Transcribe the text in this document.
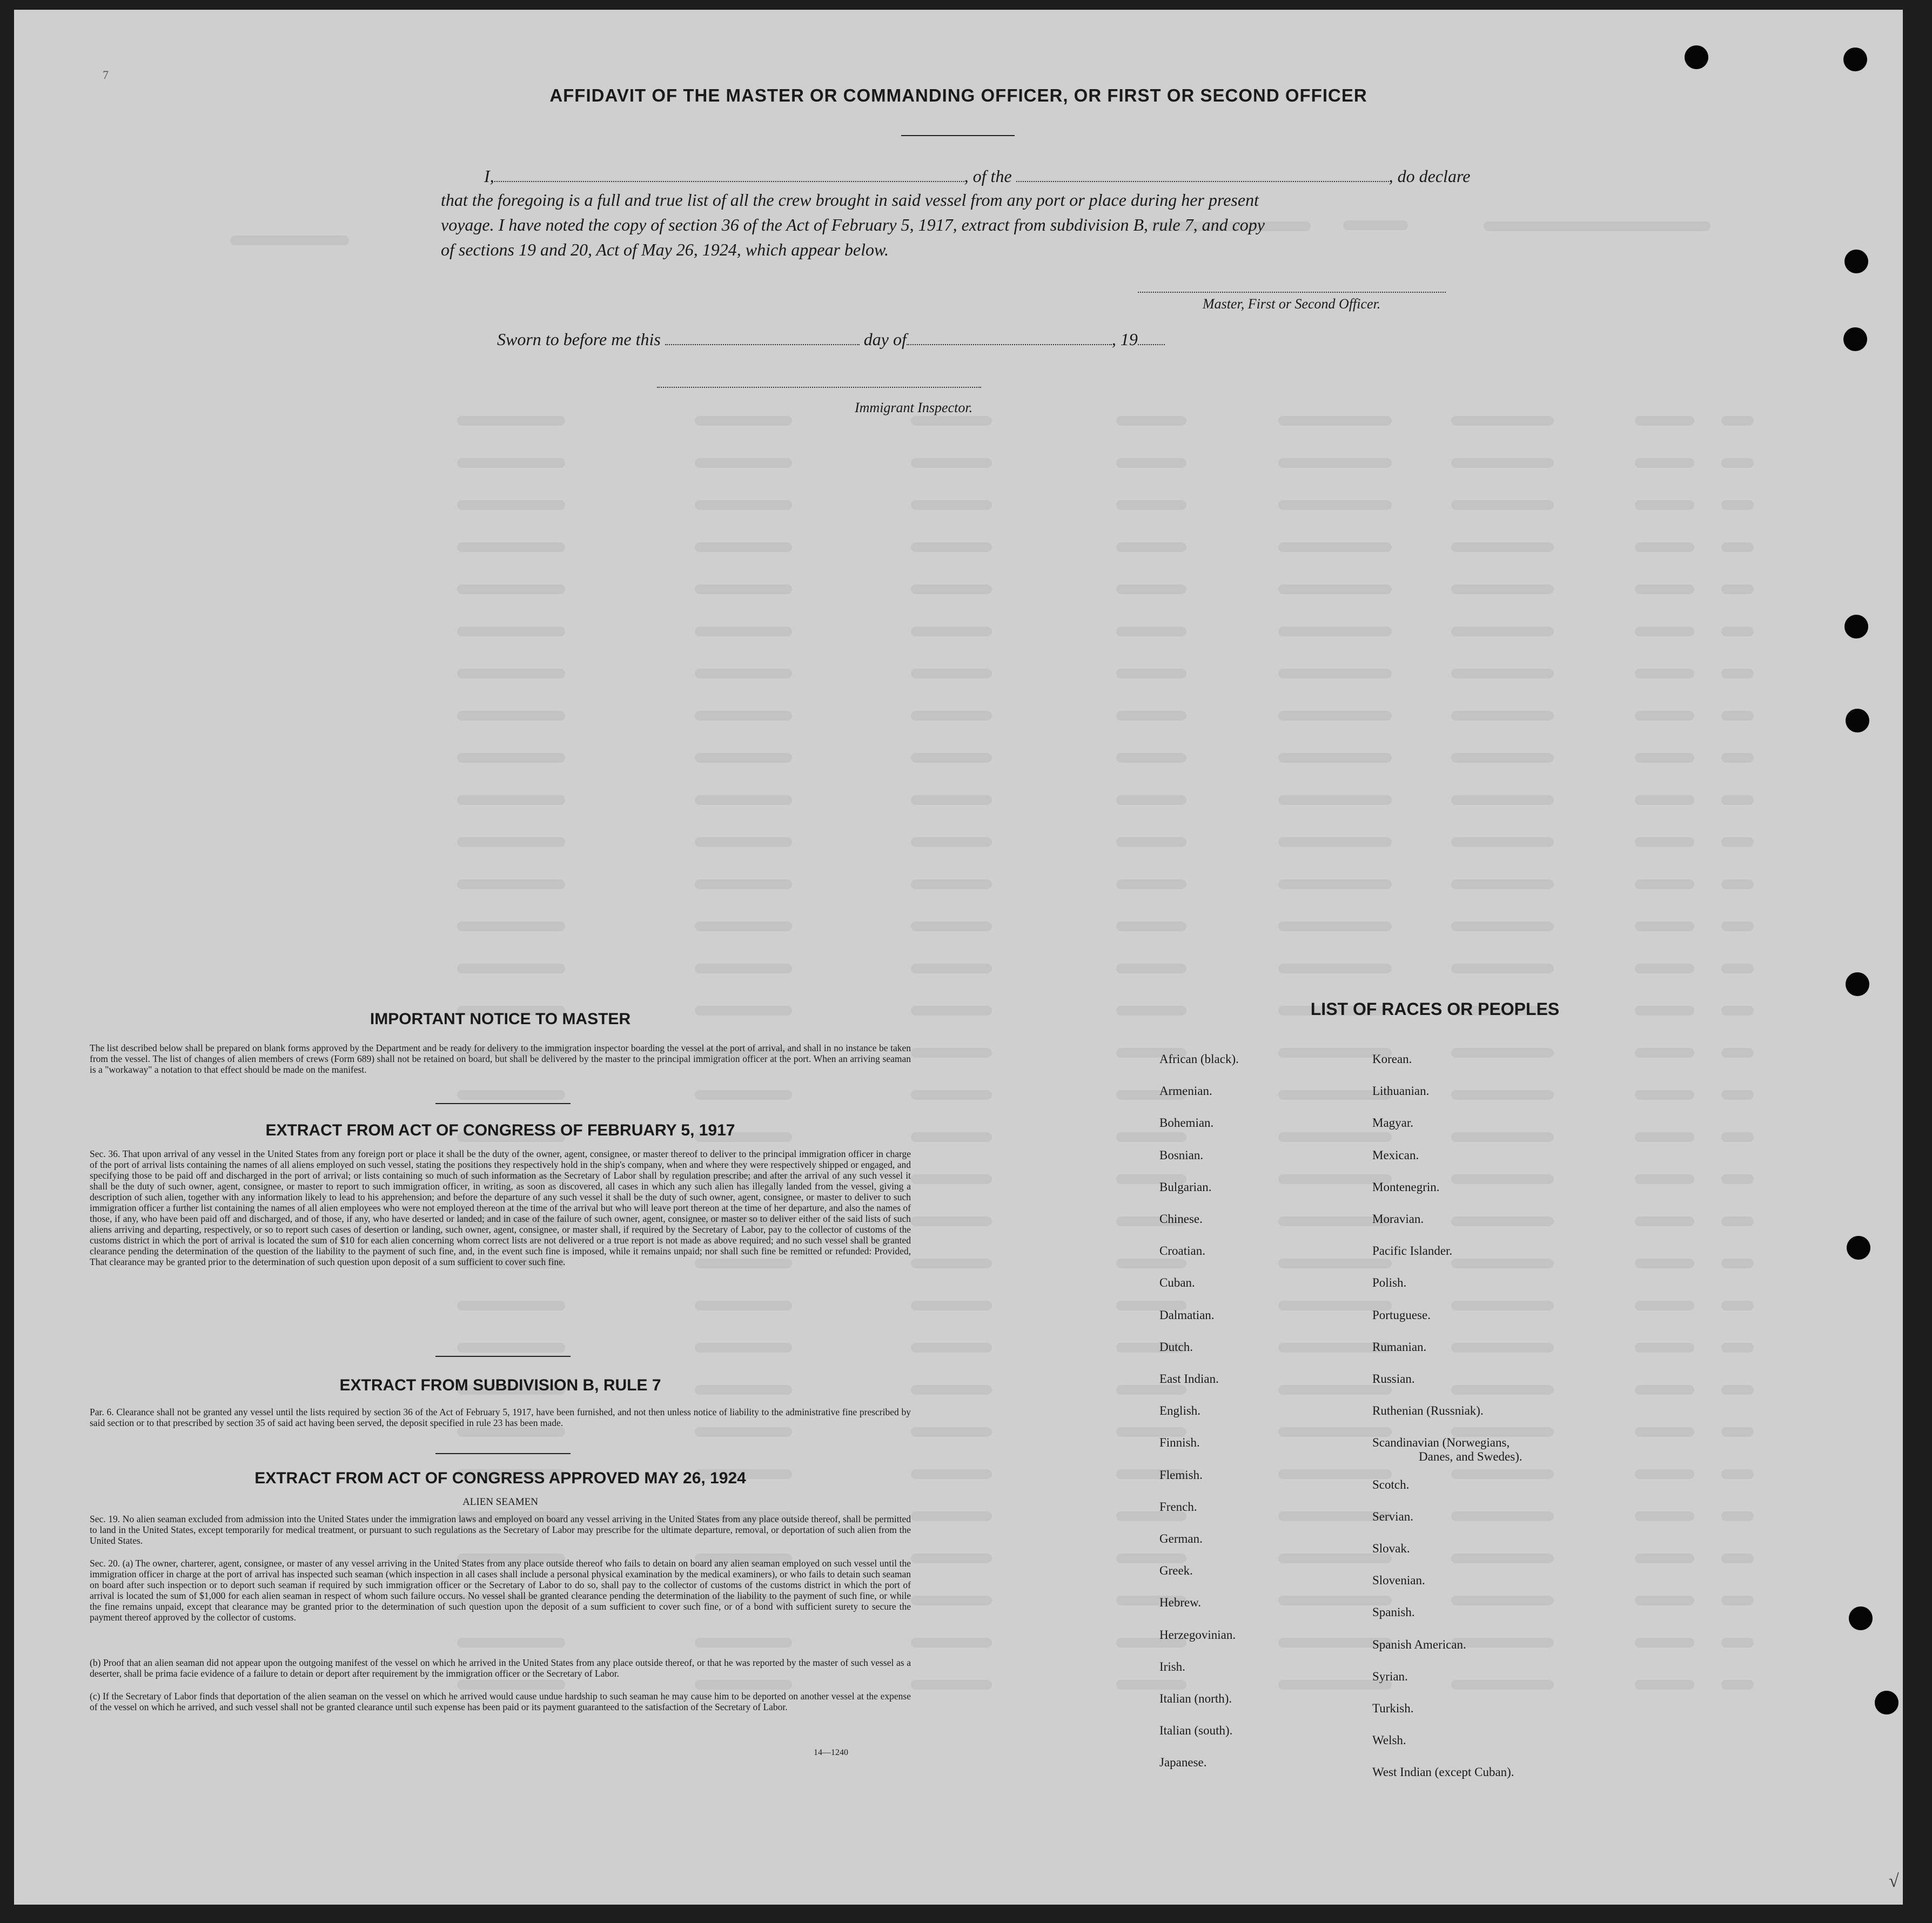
7
AFFIDAVIT OF THE MASTER OR COMMANDING OFFICER, OR FIRST OR SECOND OFFICER
I,	, of the	, do declare
that the foregoing is a full and true list of all the crew brought in said vessel from any port or place during her present
voyage. I have noted the copy of section 36 of the Act of February 5, 1917, extract from subdivision B, rule 7, and copy
of sections 19 and 20, Act of May 26, 1924, which appear below.
Master, First or Second Officer.
Sworn to before me this	day of	, 19
Immigrant Inspector.
IMPORTANT NOTICE TO MASTER
The list described below shall be prepared on blank forms approved by the Department and be ready for delivery to the immigration inspector boarding the vessel at the port of arrival, and shall in no instance be taken from the vessel. The list of changes of alien members of crews (Form 689) shall not be retained on board, but shall be delivered by the master to the principal immigration officer at the port. When an arriving seaman is a "workaway" a notation to that effect should be made on the manifest.
EXTRACT FROM ACT OF CONGRESS OF FEBRUARY 5, 1917
Sec. 36. That upon arrival of any vessel in the United States from any foreign port or place it shall be the duty of the owner, agent, consignee, or master thereof to deliver to the principal immigration officer in charge of the port of arrival lists containing the names of all aliens employed on such vessel, stating the positions they respectively hold in the ship's company, when and where they were respectively shipped or engaged, and specifying those to be paid off and discharged in the port of arrival; or lists containing so much of such information as the Secretary of Labor shall by regulation prescribe; and after the arrival of any such vessel it shall be the duty of such owner, agent, consignee, or master to report to such immigration officer, in writing, as soon as discovered, all cases in which any such alien has illegally landed from the vessel, giving a description of such alien, together with any information likely to lead to his apprehension; and before the departure of any such vessel it shall be the duty of such owner, agent, consignee, or master to deliver to such immigration officer a further list containing the names of all alien employees who were not employed thereon at the time of the arrival but who will leave port thereon at the time of her departure, and also the names of those, if any, who have been paid off and discharged, and of those, if any, who have deserted or landed; and in case of the failure of such owner, agent, consignee, or master so to deliver either of the said lists of such aliens arriving and departing, respectively, or so to report such cases of desertion or landing, such owner, agent, consignee, or master shall, if required by the Secretary of Labor, pay to the collector of customs of the customs district in which the port of arrival is located the sum of $10 for each alien concerning whom correct lists are not delivered or a true report is not made as above required; and no such vessel shall be granted clearance pending the determination of the question of the liability to the payment of such fine, and, in the event such fine is imposed, while it remains unpaid; nor shall such fine be remitted or refunded: Provided, That clearance may be granted prior to the determination of such question upon deposit of a sum sufficient to cover such fine.
EXTRACT FROM SUBDIVISION B, RULE 7
Par. 6. Clearance shall not be granted any vessel until the lists required by section 36 of the Act of February 5, 1917, have been furnished, and not then unless notice of liability to the administrative fine prescribed by said section or to that prescribed by section 35 of said act having been served, the deposit specified in rule 23 has been made.
EXTRACT FROM ACT OF CONGRESS APPROVED MAY 26, 1924
ALIEN SEAMEN
Sec. 19. No alien seaman excluded from admission into the United States under the immigration laws and employed on board any vessel arriving in the United States from any place outside thereof, shall be permitted to land in the United States, except temporarily for medical treatment, or pursuant to such regulations as the Secretary of Labor may prescribe for the ultimate departure, removal, or deportation of such alien from the United States.
Sec. 20. (a) The owner, charterer, agent, consignee, or master of any vessel arriving in the United States from any place outside thereof who fails to detain on board any alien seaman employed on such vessel until the immigration officer in charge at the port of arrival has inspected such seaman (which inspection in all cases shall include a personal physical examination by the medical examiners), or who fails to detain such seaman on board after such inspection or to deport such seaman if required by such immigration officer or the Secretary of Labor to do so, shall pay to the collector of customs of the customs district in which the port of arrival is located the sum of $1,000 for each alien seaman in respect of whom such failure occurs. No vessel shall be granted clearance pending the determination of the liability to the payment of such fine, or while the fine remains unpaid, except that clearance may be granted prior to the determination of such question upon the deposit of a sum sufficient to cover such fine, or of a bond with sufficient surety to secure the payment thereof approved by the collector of customs.
(b) Proof that an alien seaman did not appear upon the outgoing manifest of the vessel on which he arrived in the United States from any place outside thereof, or that he was reported by the master of such vessel as a deserter, shall be prima facie evidence of a failure to detain or deport after requirement by the immigration officer or the Secretary of Labor.
(c) If the Secretary of Labor finds that deportation of the alien seaman on the vessel on which he arrived would cause undue hardship to such seaman he may cause him to be deported on another vessel at the expense of the vessel on which he arrived, and such vessel shall not be granted clearance until such expense has been paid or its payment guaranteed to the satisfaction of the Secretary of Labor.
14—1240
LIST OF RACES OR PEOPLES
√
African (black).
Armenian.
Bohemian.
Bosnian.
Bulgarian.
Chinese.
Croatian.
Cuban.
Dalmatian.
Dutch.
East Indian.
English.
Finnish.
Flemish.
French.
German.
Greek.
Hebrew.
Herzegovinian.
Irish.
Italian (north).
Italian (south).
Japanese.
Korean.
Lithuanian.
Magyar.
Mexican.
Montenegrin.
Moravian.
Pacific Islander.
Polish.
Portuguese.
Rumanian.
Russian.
Ruthenian (Russniak).
Scandinavian (Norwegians,
Danes, and Swedes).
Scotch.
Servian.
Slovak.
Slovenian.
Spanish.
Spanish American.
Syrian.
Turkish.
Welsh.
West Indian (except Cuban).
